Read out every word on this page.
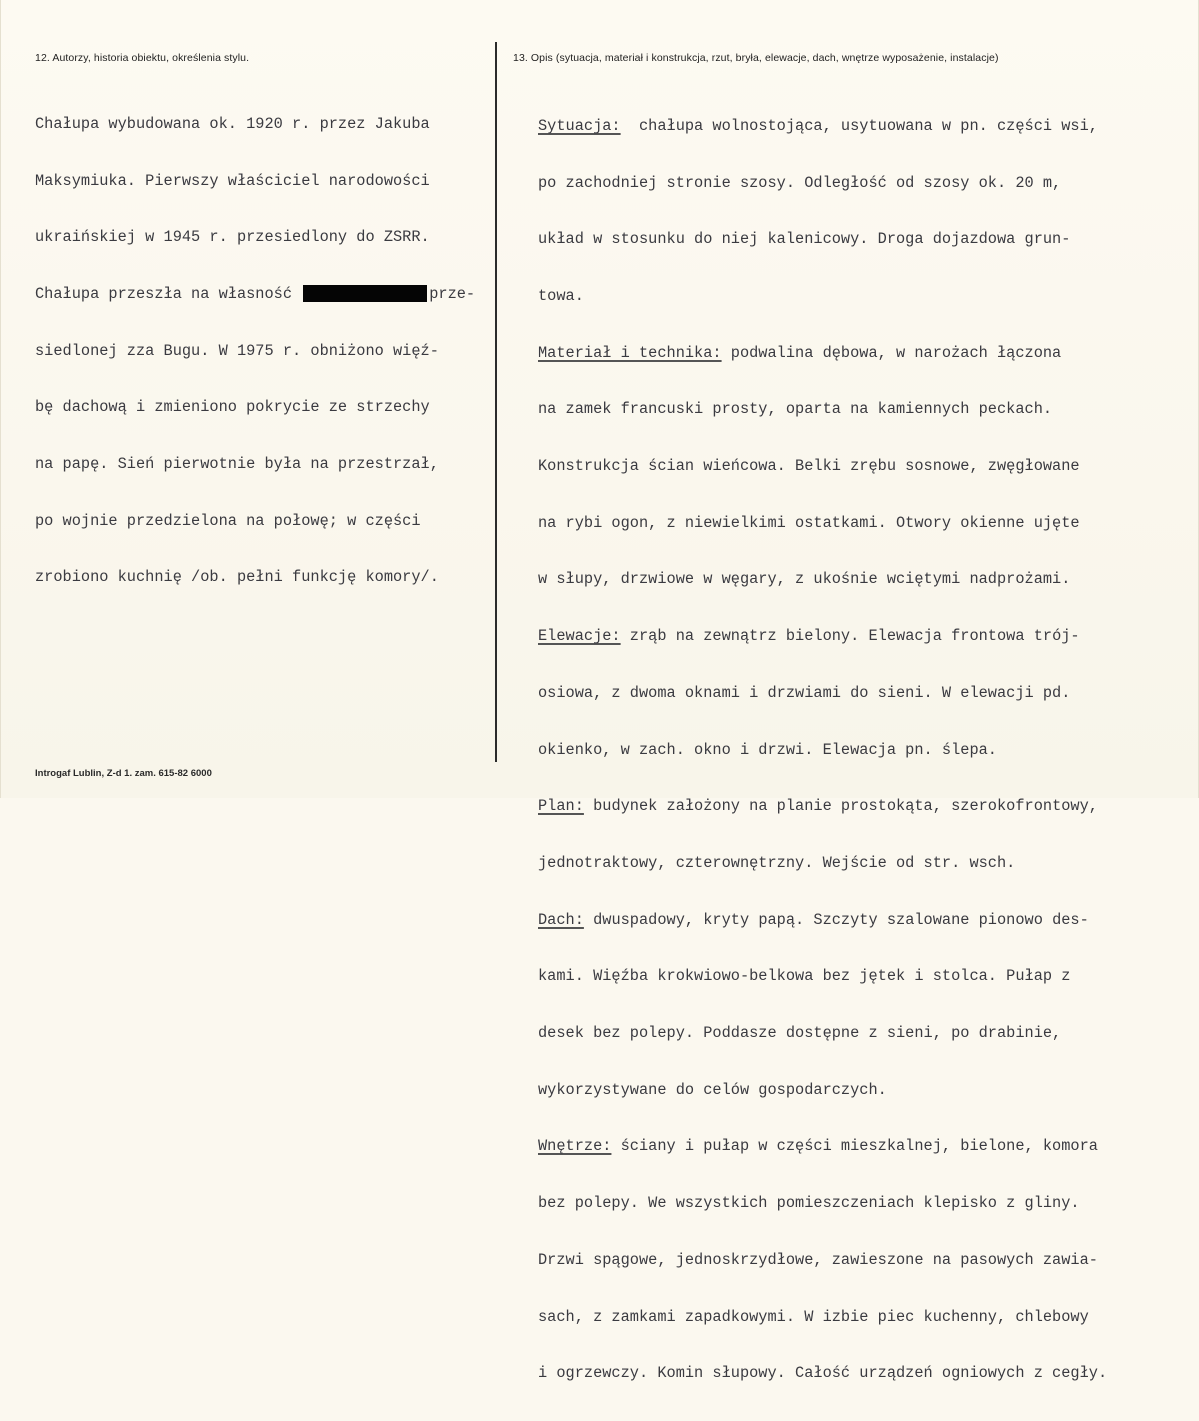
12. Autorzy, historia obiektu, określenia stylu.	13. Opis (sytuacja, materiał i konstrukcja, rzut, bryła, elewacje, dach, wnętrze wyposażenie, instalacje)

Chałupa wybudowana ok. 1920 r. przez Jakuba

Maksymiuka. Pierwszy właściciel narodowości

ukraińskiej w 1945 r. przesiedlony do ZSRR.

Chałupa przeszła na własność	prze-

siedlonej zza Bugu. W 1975 r. obniżono więź-

bę dachową i zmieniono pokrycie ze strzechy

na papę. Sień pierwotnie była na przestrzał,

po wojnie przedzielona na połowę; w części

zrobiono kuchnię /ob. pełni funkcję komory/.

Sytuacja:  chałupa wolnostojąca, usytuowana w pn. części wsi,

po zachodniej stronie szosy. Odległość od szosy ok. 20 m,

układ w stosunku do niej kalenicowy. Droga dojazdowa grun-

towa.

Materiał i technika: podwalina dębowa, w narożach łączona

na zamek francuski prosty, oparta na kamiennych peckach.

Konstrukcja ścian wieńcowa. Belki zrębu sosnowe, zwęgłowane

na rybi ogon, z niewielkimi ostatkami. Otwory okienne ujęte

w słupy, drzwiowe w węgary, z ukośnie wciętymi nadprożami.

Elewacje: zrąb na zewnątrz bielony. Elewacja frontowa trój-

osiowa, z dwoma oknami i drzwiami do sieni. W elewacji pd.

okienko, w zach. okno i drzwi. Elewacja pn. ślepa.

Plan: budynek założony na planie prostokąta, szerokofrontowy,

jednotraktowy, czterownętrzny. Wejście od str. wsch.

Dach: dwuspadowy, kryty papą. Szczyty szalowane pionowo des-

kami. Więźba krokwiowo-belkowa bez jętek i stolca. Pułap z

desek bez polepy. Poddasze dostępne z sieni, po drabinie,

wykorzystywane do celów gospodarczych.

Wnętrze: ściany i pułap w części mieszkalnej, bielone, komora

bez polepy. We wszystkich pomieszczeniach klepisko z gliny.

Drzwi spągowe, jednoskrzydłowe, zawieszone na pasowych zawia-

sach, z zamkami zapadkowymi. W izbie piec kuchenny, chlebowy

i ogrzewczy. Komin słupowy. Całość urządzeń ogniowych z cegły.

Introgaf Lublin, Z-d 1. zam. 615-82 6000
